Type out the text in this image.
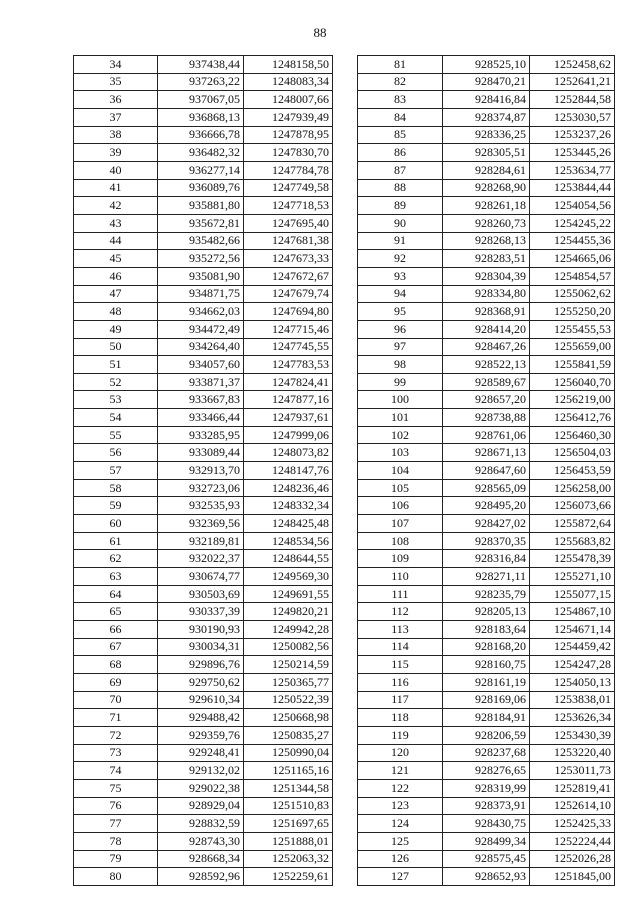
88
34	937438,44	1248158,50
35	937263,22	1248083,34
36	937067,05	1248007,66
37	936868,13	1247939,49
38	936666,78	1247878,95
39	936482,32	1247830,70
40	936277,14	1247784,78
41	936089,76	1247749,58
42	935881,80	1247718,53
43	935672,81	1247695,40
44	935482,66	1247681,38
45	935272,56	1247673,33
46	935081,90	1247672,67
47	934871,75	1247679,74
48	934662,03	1247694,80
49	934472,49	1247715,46
50	934264,40	1247745,55
51	934057,60	1247783,53
52	933871,37	1247824,41
53	933667,83	1247877,16
54	933466,44	1247937,61
55	933285,95	1247999,06
56	933089,44	1248073,82
57	932913,70	1248147,76
58	932723,06	1248236,46
59	932535,93	1248332,34
60	932369,56	1248425,48
61	932189,81	1248534,56
62	932022,37	1248644,55
63	930674,77	1249569,30
64	930503,69	1249691,55
65	930337,39	1249820,21
66	930190,93	1249942,28
67	930034,31	1250082,56
68	929896,76	1250214,59
69	929750,62	1250365,77
70	929610,34	1250522,39
71	929488,42	1250668,98
72	929359,76	1250835,27
73	929248,41	1250990,04
74	929132,02	1251165,16
75	929022,38	1251344,58
76	928929,04	1251510,83
77	928832,59	1251697,65
78	928743,30	1251888,01
79	928668,34	1252063,32
80	928592,96	1252259,61
81	928525,10	1252458,62
82	928470,21	1252641,21
83	928416,84	1252844,58
84	928374,87	1253030,57
85	928336,25	1253237,26
86	928305,51	1253445,26
87	928284,61	1253634,77
88	928268,90	1253844,44
89	928261,18	1254054,56
90	928260,73	1254245,22
91	928268,13	1254455,36
92	928283,51	1254665,06
93	928304,39	1254854,57
94	928334,80	1255062,62
95	928368,91	1255250,20
96	928414,20	1255455,53
97	928467,26	1255659,00
98	928522,13	1255841,59
99	928589,67	1256040,70
100	928657,20	1256219,00
101	928738,88	1256412,76
102	928761,06	1256460,30
103	928671,13	1256504,03
104	928647,60	1256453,59
105	928565,09	1256258,00
106	928495,20	1256073,66
107	928427,02	1255872,64
108	928370,35	1255683,82
109	928316,84	1255478,39
110	928271,11	1255271,10
111	928235,79	1255077,15
112	928205,13	1254867,10
113	928183,64	1254671,14
114	928168,20	1254459,42
115	928160,75	1254247,28
116	928161,19	1254050,13
117	928169,06	1253838,01
118	928184,91	1253626,34
119	928206,59	1253430,39
120	928237,68	1253220,40
121	928276,65	1253011,73
122	928319,99	1252819,41
123	928373,91	1252614,10
124	928430,75	1252425,33
125	928499,34	1252224,44
126	928575,45	1252026,28
127	928652,93	1251845,00
